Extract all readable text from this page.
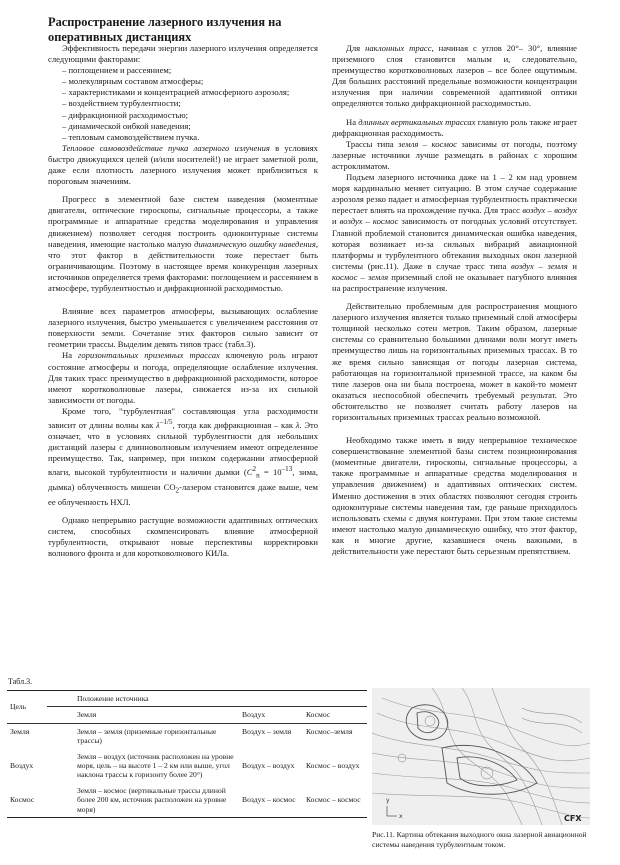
Распространение лазерного излучения на оперативных дистанциях

Эффективность передачи энергии лазерного излучения определяется следующими факторами:

– поглощением и рассеянием;
– молекулярным составом атмосферы;
– характеристиками и концентрацией атмосферного аэрозоля;
– воздействием турбулентности;
– дифракционной расходимостью;
– динамической оибкой наведения;
– тепловым самовоздействием пучка.

Тепловое самовоздействие пучка лазерного излучения в условиях быстро движущихся целей (и/или носителей!) не играет заметной роли, даже если плотность лазерного излучения может приблизиться к пороговым значениям.

Прогресс в элементной базе систем наведения (моментные двигатели, оптические гироскопы, сигнальные процессоры, а также программные и аппаратные средства моделирования и управления движением) позволяет сегодня построить одноконтурные системы наведения, имеющие настолько малую динамическую ошибку наведения, что этот фактор в действительности тоже перестает быть ограничивающим. Поэтому в настоящее время конкуренция лазерных источников определяется тремя факторами: поглощением и рассеянием в атмосфере, турбулентностью и дифракционной расходимостью.

Влияние всех параметров атмосферы, вызывающих ослабление лазерного излучения, быстро уменьшается с увеличением расстояния от поверхности земли. Сочетание этих факторов сильно зависит от геометрии трассы. Выделим девять типов трасс (табл.3).

На горизонтальных приземных трассах ключевую роль играют состояние атмосферы и погода, определяющие ослабление излучения. Для таких трасс преимущество в дифракционной расходимости, которое имеют коротковолновые лазеры, снижается из-за их сильной зависимости от погоды.

Кроме того, "турбулентная" составляющая угла расходимости зависит от длины волны как $\lambda^{-1/5}$, тогда как дифракционная – как λ. Это означает, что в условиях сильной турбулентности для небольших дистанций лазеры с длинноволновым излучением имеют определенное преимущество. Так, например, при низком содержании атмосферной влаги, высокой турбулентности и наличии дымки ($C^2_n = 10^{-13}$, зима, дымка) облученность мишени $CO_2$-лазером становится даже выше, чем ее облученность НХЛ.

Однако непрерывно растущие возможности адаптивных оптических систем, способных скомпенсировать влияние атмосферной турбулентности, открывают новые перспективы корректировки волнового фронта и для коротковолнового КИЛа.

Для наклонных трасс, начиная с углов 20°– 30°, влияние приземного слоя становится малым и, следовательно, преимущество коротковолновых лазеров – все более ощутимым. Для больших расстояний предельные возможности концентрации излучения при наличии современной адаптивной оптики определяются только дифракционной расходимостью.

На длинных вертикальных трассах главную роль также играет дифракционная расходимость.

Трассы типа земля – космос зависимы от погоды, поэтому лазерные источники лучше размещать в районах с хорошим астроклиматом.

Подъем лазерного источника даже на 1 – 2 км над уровнем моря кардинально меняет ситуацию. В этом случае содержание аэрозоля резко падает и атмосферная турбулентность практически перестает влиять на прохождение пучка. Для трасс воздух – воздух и воздух – космос зависимость от погодных условий отсутствует. Главной проблемой становится динамическая ошибка наведения, которая возникает из-за сильных вибраций авиационной платформы и турбулентного обтекания выходных окон лазерной системы (рис.11). Даже в случае трасс типа воздух – земля и космос – земля приземный слой не оказывает пагубного влияния на распространение излучения.

Действительно проблемным для распространения мощного лазерного излучения является только приземный слой атмосферы толщиной несколько сотен метров. Таким образом, лазерные системы со сравнительно большими длинами волн могут иметь преимущество лишь на горизонтальных приземных трассах. В то же время сильно зависящая от погоды лазерная система, работающая на горизонтальной приземной трассе, на каком бы типе лазеров она ни была построена, может в какой-то момент оказаться неспособной обеспечить требуемый результат. Это обстоятельство не позволяет считать работу лазеров на горизонтальных приземных трассах реально возможной.

Необходимо также иметь в виду непрерывное техническое совершенствование элементной базы систем позиционирования (моментные двигатели, гироскопы, сигнальные процессоры, а также программные и аппаратные средства моделирования и управления движением) и адаптивных оптических систем. Именно достижения в этих областях позволяют сегодня строить одноконтурные системы наведения там, где раньше приходилось использовать схемы с двумя контурами. При этом такие системы имеют настолько малую динамическую ошибку, что этот фактор, как и многие другие, казавшиеся очень важными, в действительности уже перестают быть серьезным препятствием.

Табл.3.
Цель	Положение источника		
	Земля	Воздух	Космос
Земля	Земля – земля (приземные горизонтальные трассы)	Воздух – земля	Космос–земля
Воздух	Земля – воздух (источник расположен на уровне моря, цель – на высоте 1 – 2 км или выше, угол наклона трассы к горизонту более 20°)	Воздух – воздух	Космос – воздух
Космос	Земля – космос (вертикальные трассы длиной более 200 км, источник расположен на уровне моря)	Воздух – космос	Космос – космос	y
x	CFX
Рис.11. Картина обтекания выходного окна лазерной авиационной системы наведения турбулентным током.
